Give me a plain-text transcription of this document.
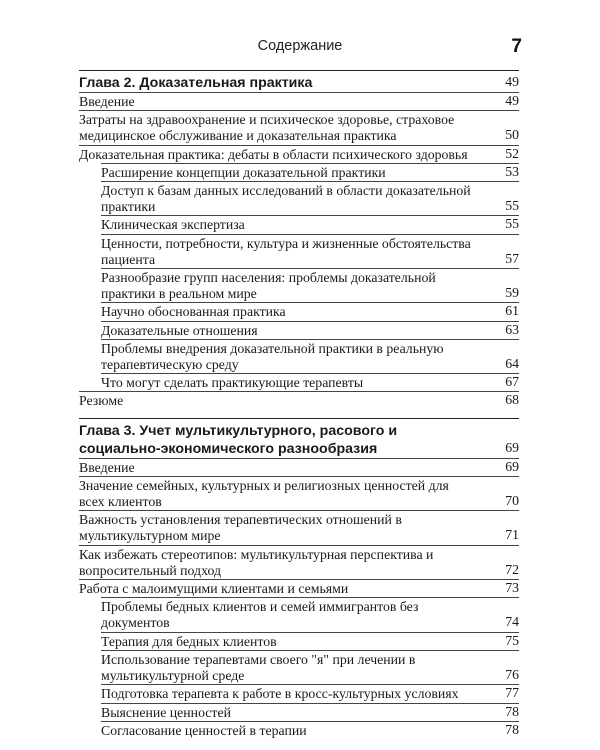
Содержание	7
Глава 2. Доказательная практика	49
Введение	49
Затраты на здравоохранение и психическое здоровье, страховое медицинское обслуживание и доказательная практика	50
Доказательная практика: дебаты в области психического здоровья	52
Расширение концепции доказательной практики	53
Доступ к базам данных исследований в области доказательной практики	55
Клиническая экспертиза	55
Ценности, потребности, культура и жизненные обстоятельства пациента	57
Разнообразие групп населения: проблемы доказательной практики в реальном мире	59
Научно обоснованная практика	61
Доказательные отношения	63
Проблемы внедрения доказательной практики в реальную терапевтическую среду	64
Что могут сделать практикующие терапевты	67
Резюме	68
Глава 3. Учет мультикультурного, расового и социально-экономического разнообразия	69
Введение	69
Значение семейных, культурных и религиозных ценностей для всех клиентов	70
Важность установления терапевтических отношений в мультикультурном мире	71
Как избежать стереотипов: мультикультурная перспектива и вопросительный подход	72
Работа с малоимущими клиентами и семьями	73
Проблемы бедных клиентов и семей иммигрантов без документов	74
Терапия для бедных клиентов	75
Использование терапевтами своего "я" при лечении в мультикультурной среде	76
Подготовка терапевта к работе в кросс-культурных условиях	77
Выяснение ценностей	78
Согласование ценностей в терапии	78
